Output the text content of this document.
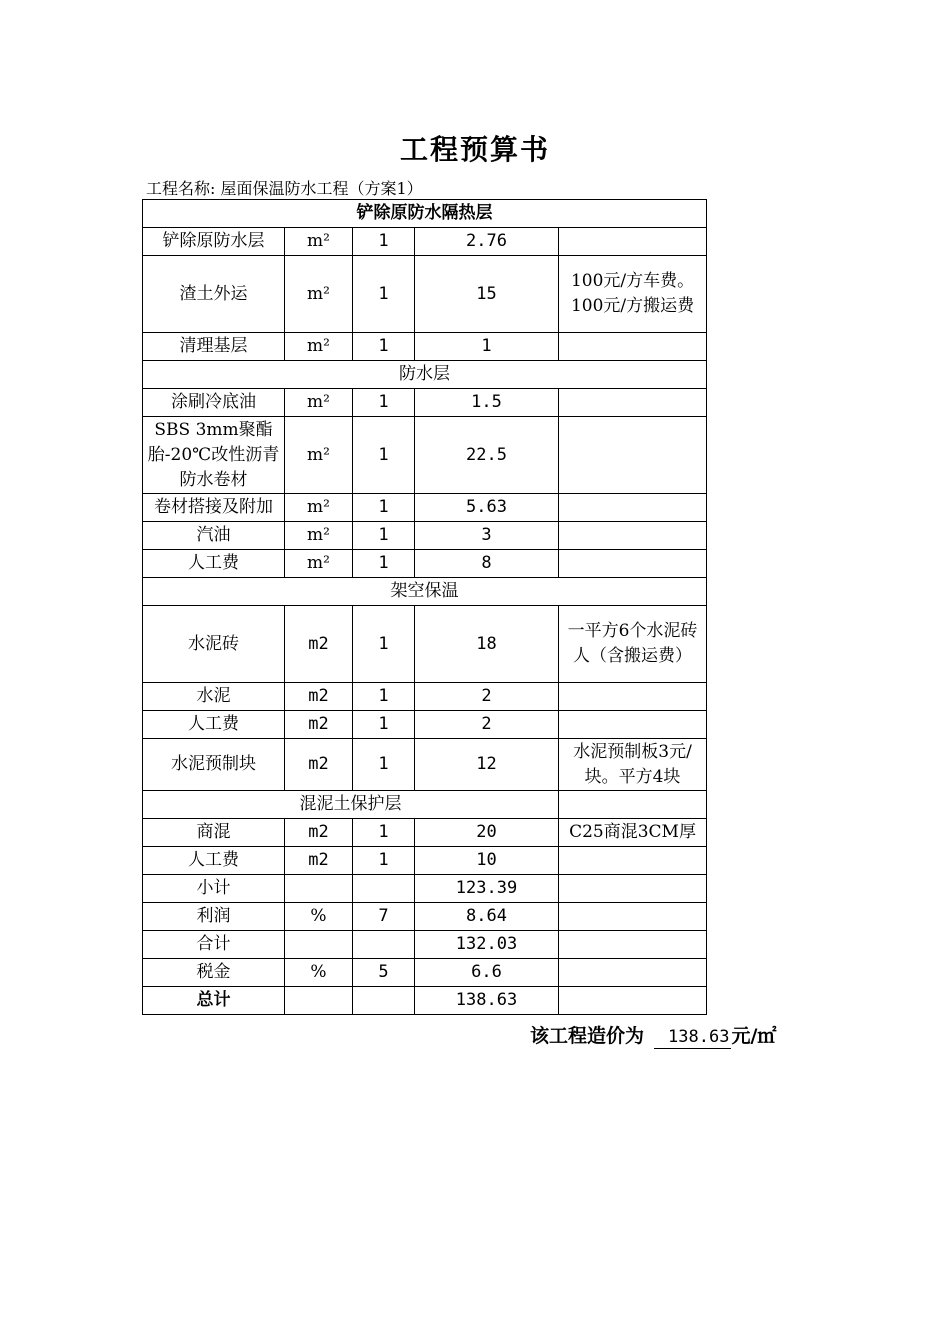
工程预算书
工程名称: 屋面保温防水工程（方案1）
铲除原防水隔热层				
铲除原防水层	m²	1	2.76	
渣土外运	m²	1	15	100元/方车费。100元/方搬运费
清理基层	m²	1	1	
防水层				
涂刷冷底油	m²	1	1.5	
SBS 3mm聚酯胎-20℃改性沥青防水卷材	m²	1	22.5	
卷材搭接及附加	m²	1	5.63	
汽油	m²	1	3	
人工费	m²	1	8	
架空保温				
水泥砖	m2	1	18	一平方6个水泥砖人（含搬运费）
水泥	m2	1	2	
人工费	m2	1	2	
水泥预制块	m2	1	12	水泥预制板3元/块。平方4块
混泥土保护层				
商混	m2	1	20	C25商混3CM厚
人工费	m2	1	10	
小计			123.39	
利润	%	7	8.64	
合计			132.03	
税金	%	5	6.6	
总计			138.63	
该工程造价为 138.63 元/㎡
